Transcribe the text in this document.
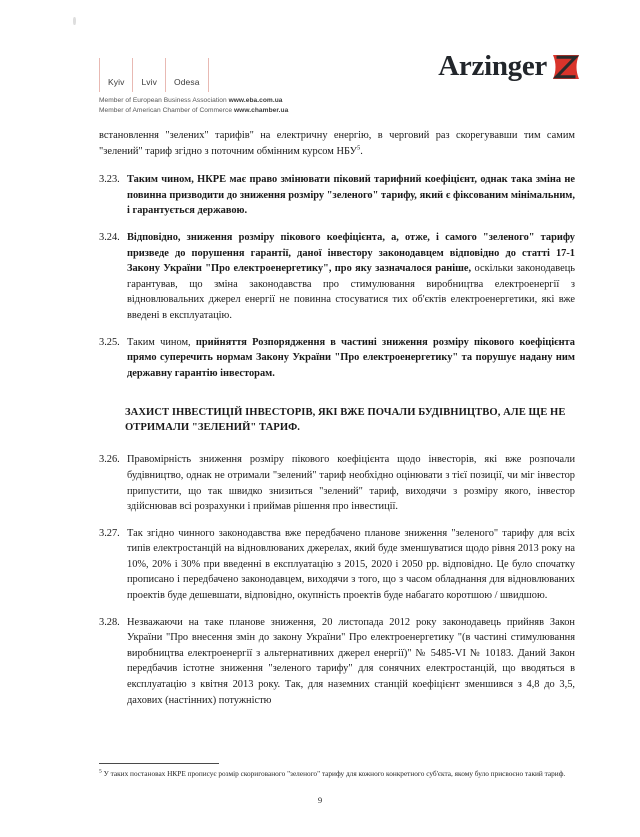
Kyiv	Lviv	Odesa
Member of European Business Association www.eba.com.ua
Member of American Chamber of Commerce www.chamber.ua
Arzinger

встановлення "зелених" тарифів" на електричну енергію, в черговий раз скорегувавши тим самим "зелений" тариф згідно з поточним обмінним курсом НБУ$^5$.

3.23. Таким чином, НКРЕ має право змінювати піковий тарифний коефіцієнт, однак така зміна не повинна призводити до зниження розміру "зеленого" тарифу, який є фіксованим мінімальним, і гарантується державою.
3.24. Відповідно, зниження розміру пікового коефіцієнта, а, отже, і самого "зеленого" тарифу призведе до порушення гарантії, даної інвестору законодавцем відповідно до статті 17-1 Закону України "Про електроенергетику", про яку зазначалося раніше, оскільки законодавець гарантував, що зміна законодавства про стимулювання виробництва електроенергії з відновлювальних джерел енергії не повинна стосуватися тих об'єктів електроенергетики, які вже введені в експлуатацію.
3.25. Таким чином, прийняття Розпорядження в частині зниження розміру пікового коефіцієнта прямо суперечить нормам Закону України "Про електроенергетику" та порушує надану ним державну гарантію інвесторам.
ЗАХИСТ ІНВЕСТИЦІЙ ІНВЕСТОРІВ, ЯКІ ВЖЕ ПОЧАЛИ БУДІВНИЦТВО, АЛЕ ЩЕ НЕ ОТРИМАЛИ "ЗЕЛЕНИЙ" ТАРИФ.
3.26. Правомірність зниження розміру пікового коефіцієнта щодо інвесторів, які вже розпочали будівництво, однак не отримали "зелений" тариф необхідно оцінювати з тієї позиції, чи міг інвестор припустити, що так швидко знизиться "зелений" тариф, виходячи з розміру якого, інвестор здійснював всі розрахунки і приймав рішення про інвестиції.
3.27. Так згідно чинного законодавства вже передбачено планове зниження "зеленого" тарифу для всіх типів електростанцій на відновлюваних джерелах, який буде зменшуватися щодо рівня 2013 року на 10%, 20% і 30% при введенні в експлуатацію з 2015, 2020 і 2050 рр. відповідно. Це було спочатку прописано і передбачено законодавцем, виходячи з того, що з часом обладнання для відновлюваних проектів буде дешевшати, відповідно, окупність проектів буде набагато коротшою / швидшою.
3.28. Незважаючи на таке планове зниження, 20 листопада 2012 року законодавець прийняв Закон України "Про внесення змін до закону України" Про електроенергетику "(в частині стимулювання виробництва електроенергії з альтернативних джерел енергії)" № 5485-VI № 10183. Даний Закон передбачив істотне зниження "зеленого тарифу" для сонячних електростанцій, що вводяться в експлуатацію з квітня 2013 року. Так, для наземних станцій коефіцієнт зменшився з 4,8 до 3,5, дахових (настінних) потужністю
$^5$ У таких постановах НКРЕ прописує розмір скоригованого "зеленого" тарифу для кожного конкретного суб'єкта, якому було присвоєно такий тариф.
9
